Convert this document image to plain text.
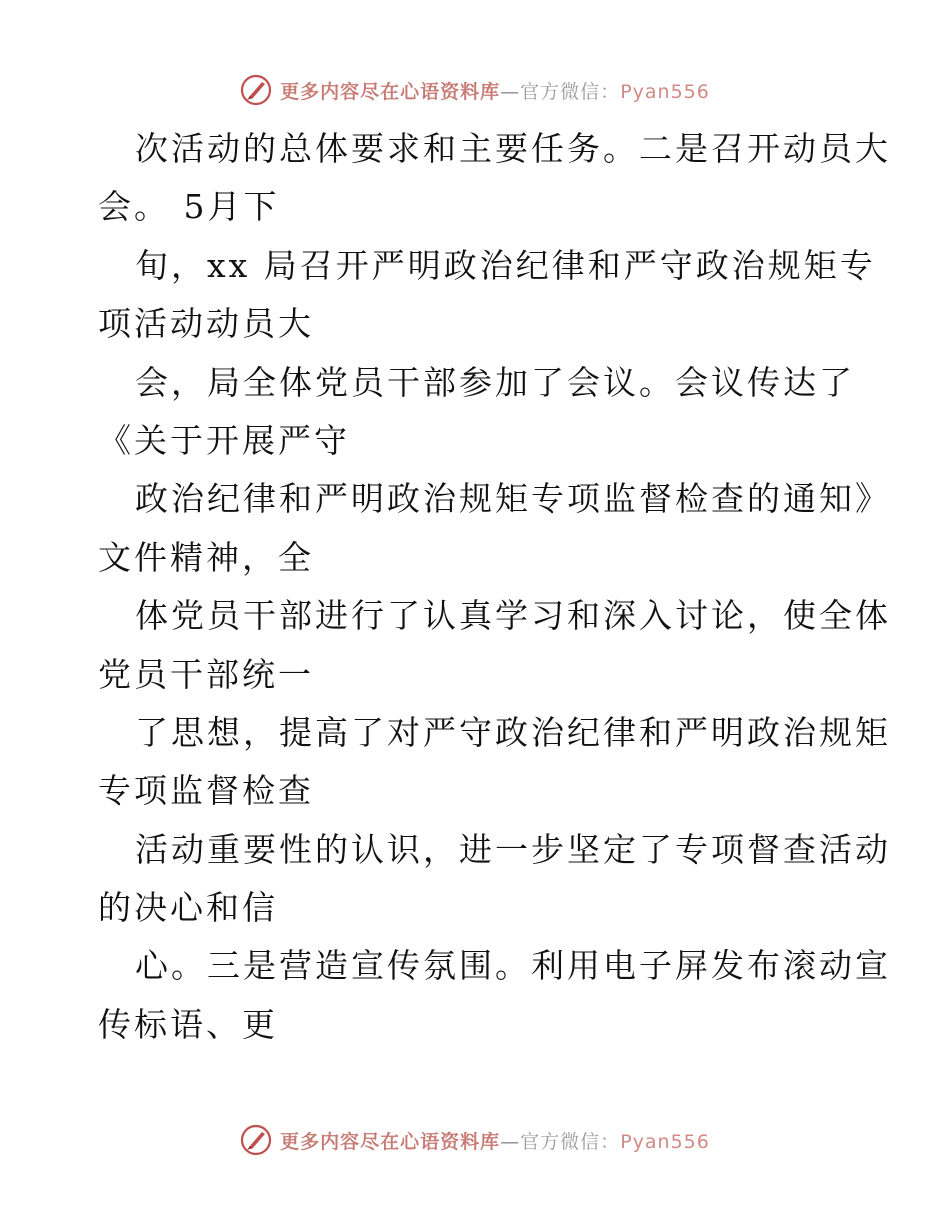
更多内容尽在心语资料库—官方微信：Pyan556
次活动的总体要求和主要任务。二是召开动员大
会。 5月下
旬，xx 局召开严明政治纪律和严守政治规矩专
项活动动员大
会，局全体党员干部参加了会议。会议传达了
《关于开展严守
政治纪律和严明政治规矩专项监督检查的通知》
文件精神，全
体党员干部进行了认真学习和深入讨论，使全体
党员干部统一
了思想，提高了对严守政治纪律和严明政治规矩
专项监督检查
活动重要性的认识，进一步坚定了专项督查活动
的决心和信
心。三是营造宣传氛围。利用电子屏发布滚动宣
传标语、更
更多内容尽在心语资料库—官方微信：Pyan556
